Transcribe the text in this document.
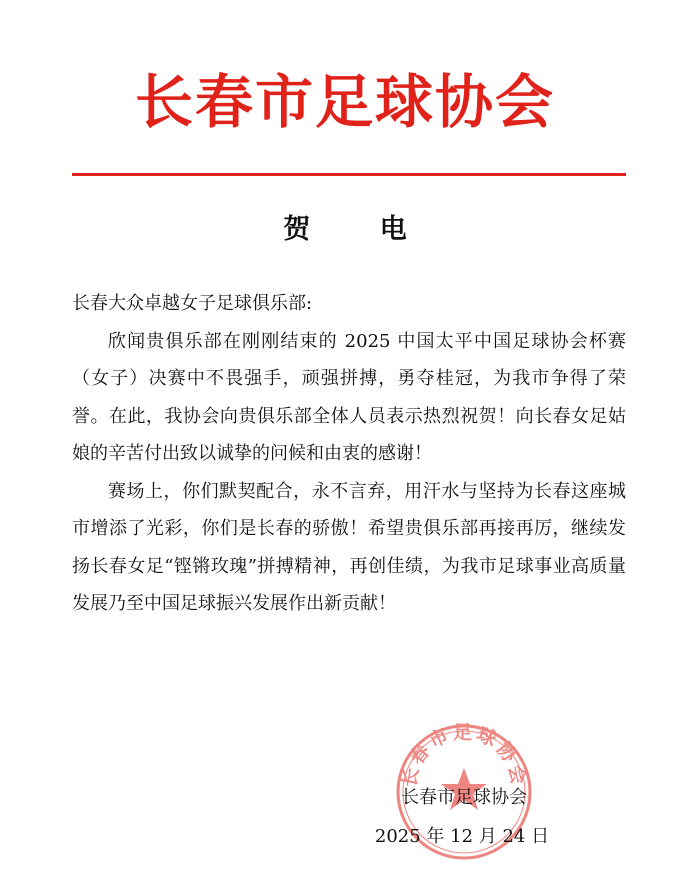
长春市足球协会
贺 电

长春大众卓越女子足球俱乐部:

欣闻贵俱乐部在刚刚结束的 2025 中国太平中国足球协会杯赛（女子）决赛中不畏强手，顽强拼搏，勇夺桂冠，为我市争得了荣誉。在此，我协会向贵俱乐部全体人员表示热烈祝贺！向长春女足姑娘的辛苦付出致以诚挚的问候和由衷的感谢！

赛场上，你们默契配合，永不言弃，用汗水与坚持为长春这座城市增添了光彩，你们是长春的骄傲！希望贵俱乐部再接再厉，继续发扬长春女足“铿锵玫瑰”拼搏精神，再创佳绩，为我市足球事业高质量发展乃至中国足球振兴发展作出新贡献！

长春市足球协会
长春市足球协会
2025 年 12 月 24 日
